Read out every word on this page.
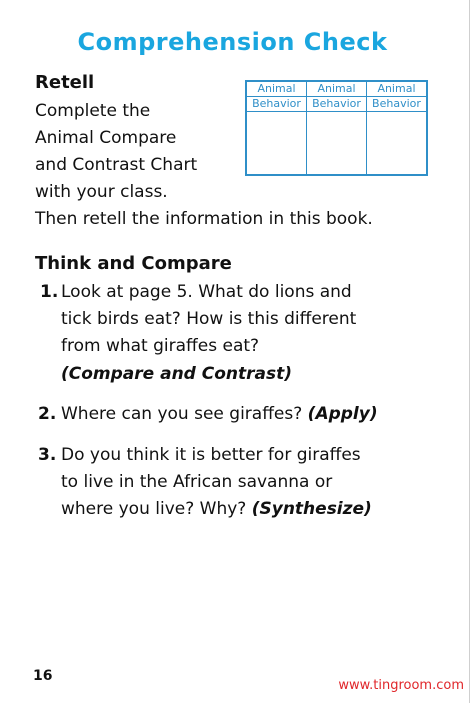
Comprehension Check
Retell
Complete the
Animal Compare
and Contrast Chart
with your class.
Then retell the information in this book.
Animal	Animal	Animal
Behavior	Behavior	Behavior

Think and Compare
1. Look at page 5. What do lions and
tick birds eat? How is this different
from what giraffes eat?
(Compare and Contrast)
2. Where can you see giraffes? (Apply)
3. Do you think it is better for giraffes
to live in the African savanna or
where you live? Why? (Synthesize)
16
www.tingroom.com
